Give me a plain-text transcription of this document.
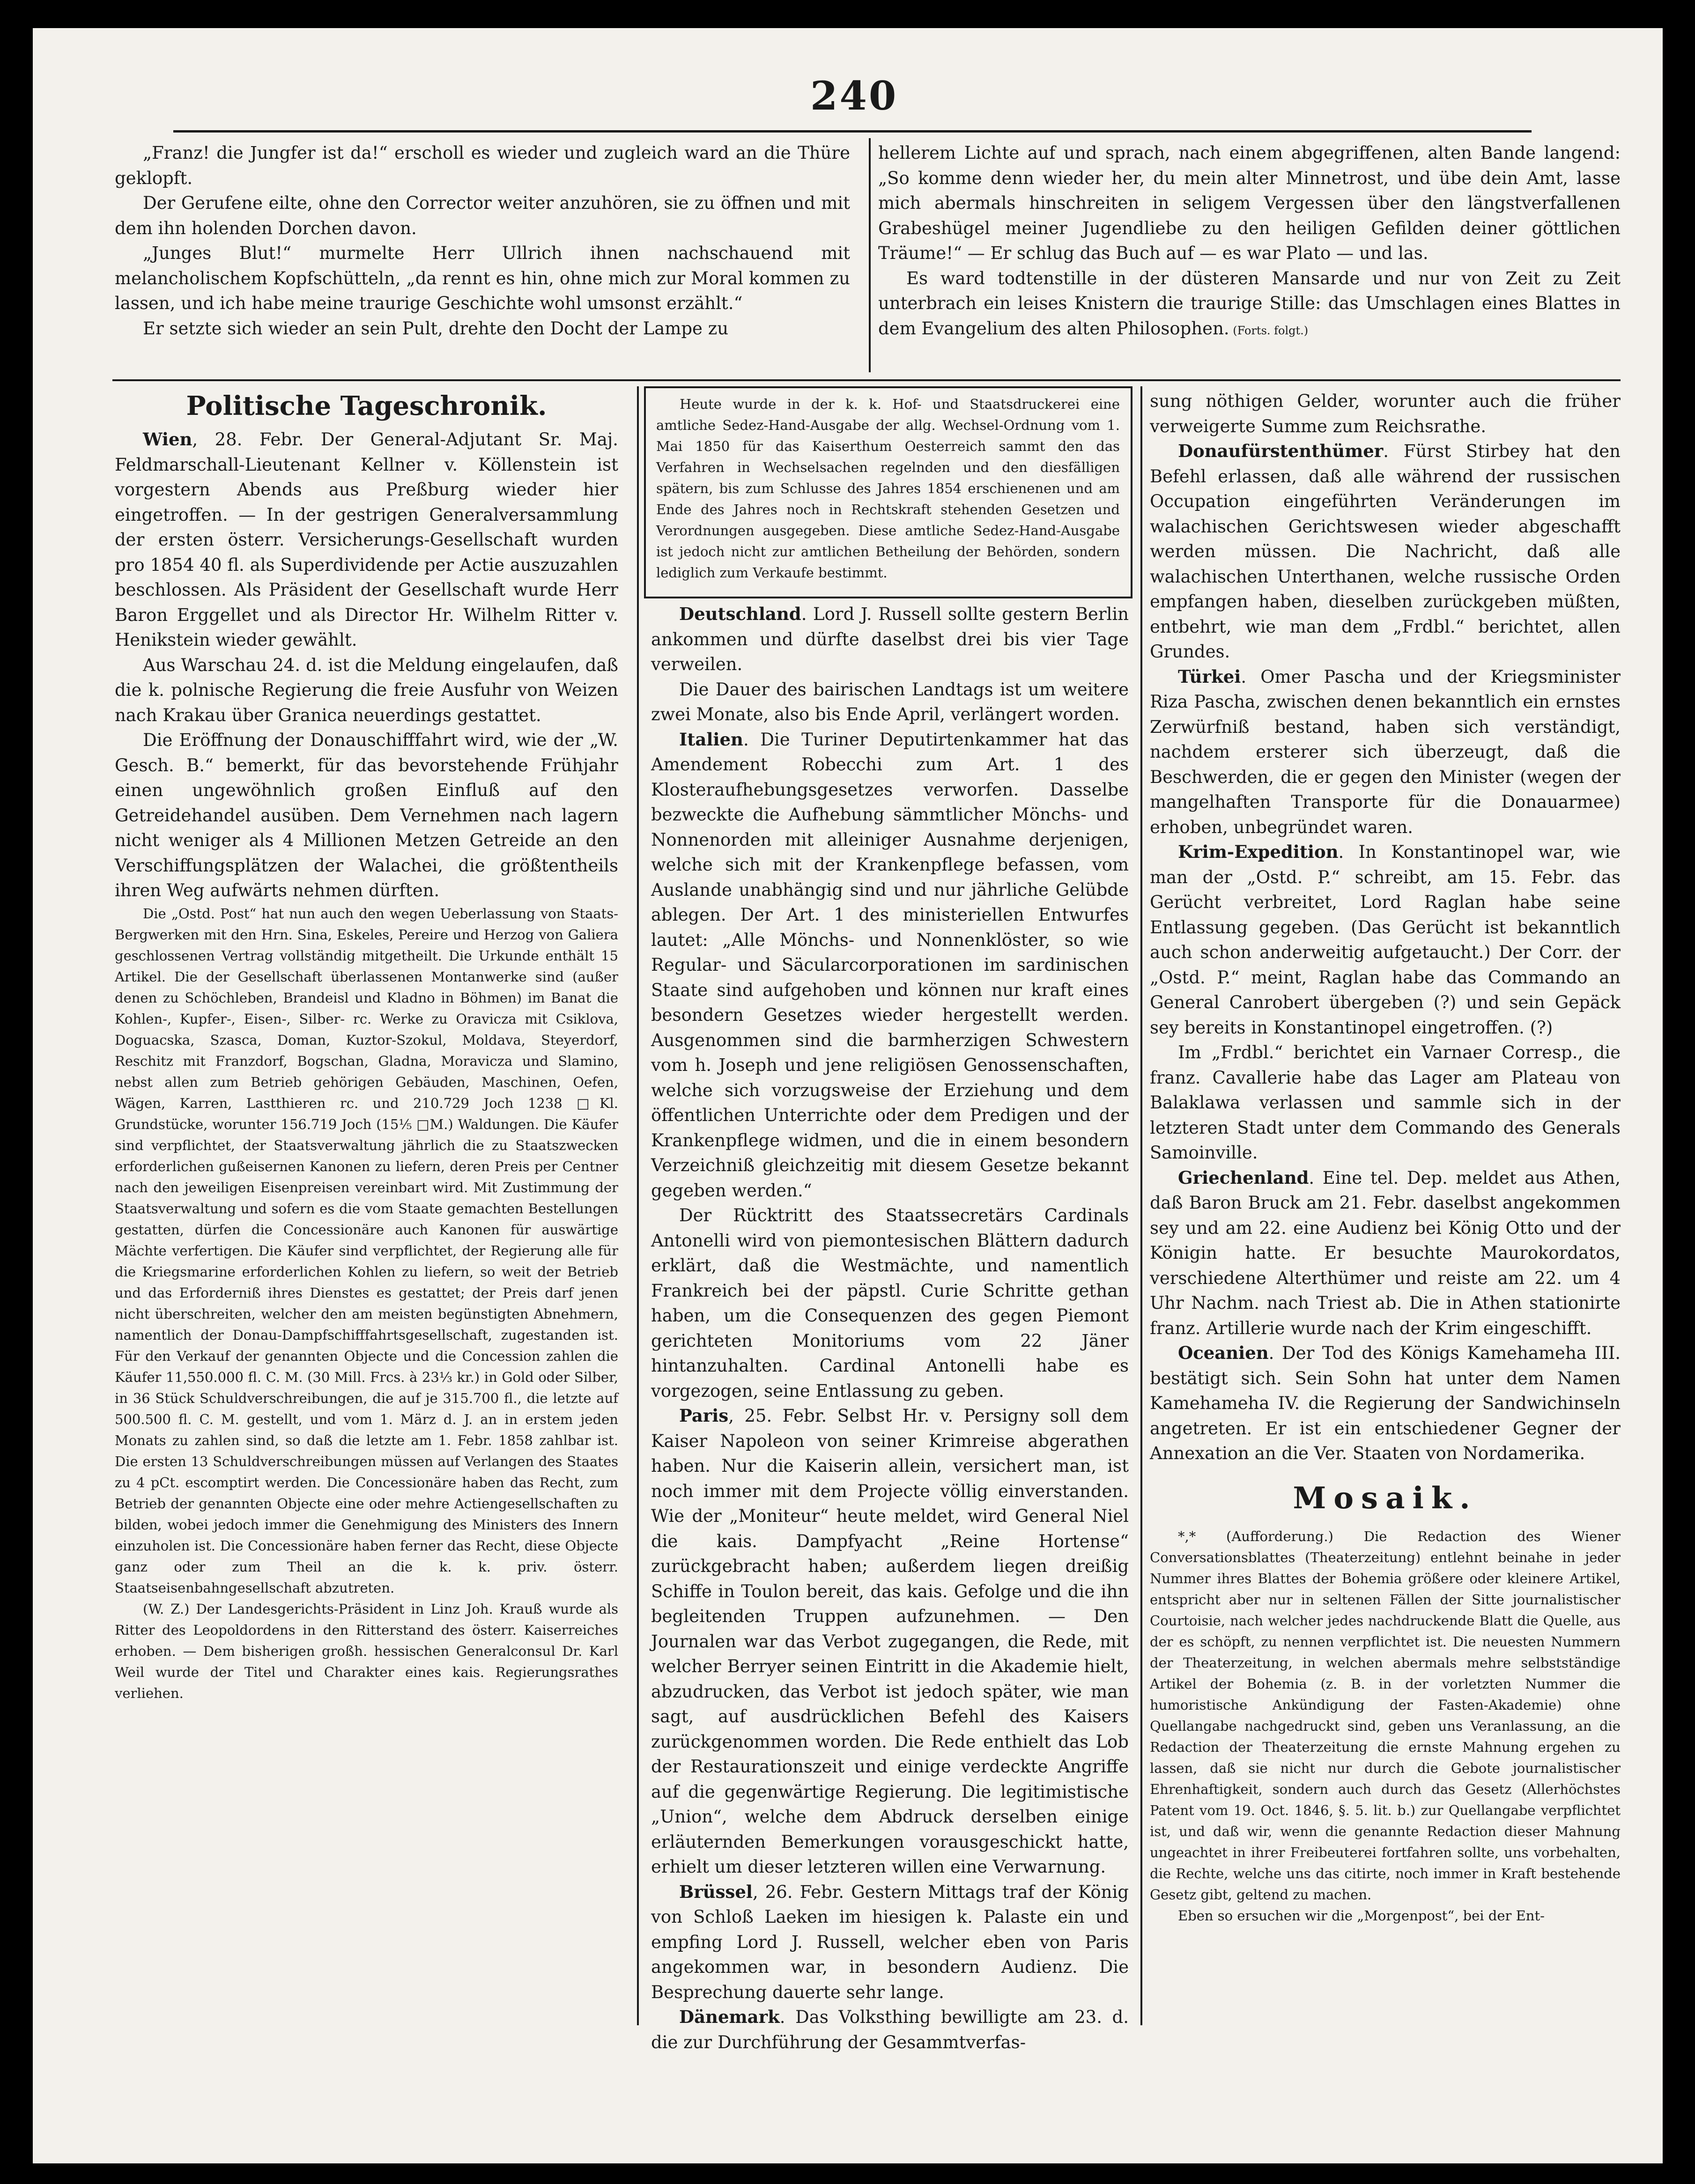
240

„Franz! die Jungfer ist da!“ erscholl es wieder und zugleich ward an die Thüre geklopft.

Der Gerufene eilte, ohne den Corrector weiter anzuhören, sie zu öffnen und mit dem ihn holenden Dorchen davon.

„Junges Blut!“ murmelte Herr Ullrich ihnen nachschauend mit melancholischem Kopfschütteln, „da rennt es hin, ohne mich zur Moral kommen zu lassen, und ich habe meine traurige Geschichte wohl umsonst erzählt.“

Er setzte sich wieder an sein Pult, drehte den Docht der Lampe zu

hellerem Lichte auf und sprach, nach einem abgegriffenen, alten Bande langend: „So komme denn wieder her, du mein alter Minnetrost, und übe dein Amt, lasse mich abermals hinschreiten in seligem Vergessen über den längstverfallenen Grabeshügel meiner Jugendliebe zu den heiligen Gefilden deiner göttlichen Träume!“ — Er schlug das Buch auf — es war Plato — und las.

Es ward todtenstille in der düsteren Mansarde und nur von Zeit zu Zeit unterbrach ein leises Knistern die traurige Stille: das Umschlagen eines Blattes in dem Evangelium des alten Philosophen. (Forts. folgt.)

Politische Tageschronik.

Wien, 28. Febr. Der General-Adjutant Sr. Maj. Feldmarschall-Lieutenant Kellner v. Köllenstein ist vorgestern Abends aus Preßburg wieder hier eingetroffen. — In der gestrigen Generalversammlung der ersten österr. Versicherungs-Gesellschaft wurden pro 1854 40 fl. als Superdividende per Actie auszuzahlen beschlossen. Als Präsident der Gesellschaft wurde Herr Baron Erggellet und als Director Hr. Wilhelm Ritter v. Henikstein wieder gewählt.

Aus Warschau 24. d. ist die Meldung eingelaufen, daß die k. polnische Regierung die freie Ausfuhr von Weizen nach Krakau über Granica neuerdings gestattet.

Die Eröffnung der Donauschifffahrt wird, wie der „W. Gesch. B.“ bemerkt, für das bevorstehende Frühjahr einen ungewöhnlich großen Einfluß auf den Getreidehandel ausüben. Dem Vernehmen nach lagern nicht weniger als 4 Millionen Metzen Getreide an den Verschiffungsplätzen der Walachei, die größtentheils ihren Weg aufwärts nehmen dürften.

Die „Ostd. Post“ hat nun auch den wegen Ueberlassung von Staats-Bergwerken mit den Hrn. Sina, Eskeles, Pereire und Herzog von Galiera geschlossenen Vertrag vollständig mitgetheilt. Die Urkunde enthält 15 Artikel. Die der Gesellschaft überlassenen Montanwerke sind (außer denen zu Schöchleben, Brandeisl und Kladno in Böhmen) im Banat die Kohlen-, Kupfer-, Eisen-, Silber- rc. Werke zu Oravicza mit Csiklova, Doguacska, Szasca, Doman, Kuztor-Szokul, Moldava, Steyerdorf, Reschitz mit Franzdorf, Bogschan, Gladna, Moravicza und Slamino, nebst allen zum Betrieb gehörigen Gebäuden, Maschinen, Oefen, Wägen, Karren, Lastthieren rc. und 210.729 Joch 1238 □Kl. Grundstücke, worunter 156.719 Joch (15⅕ □M.) Waldungen. Die Käufer sind verpflichtet, der Staatsverwaltung jährlich die zu Staatszwecken erforderlichen gußeisernen Kanonen zu liefern, deren Preis per Centner nach den jeweiligen Eisenpreisen vereinbart wird. Mit Zustimmung der Staatsverwaltung und sofern es die vom Staate gemachten Bestellungen gestatten, dürfen die Concessionäre auch Kanonen für auswärtige Mächte verfertigen. Die Käufer sind verpflichtet, der Regierung alle für die Kriegsmarine erforderlichen Kohlen zu liefern, so weit der Betrieb und das Erforderniß ihres Dienstes es gestattet; der Preis darf jenen nicht überschreiten, welcher den am meisten begünstigten Abnehmern, namentlich der Donau-Dampfschifffahrtsgesellschaft, zugestanden ist. Für den Verkauf der genannten Objecte und die Concession zahlen die Käufer 11,550.000 fl. C. M. (30 Mill. Frcs. à 23⅓ kr.) in Gold oder Silber, in 36 Stück Schuldverschreibungen, die auf je 315.700 fl., die letzte auf 500.500 fl. C. M. gestellt, und vom 1. März d. J. an in erstem jeden Monats zu zahlen sind, so daß die letzte am 1. Febr. 1858 zahlbar ist. Die ersten 13 Schuldverschreibungen müssen auf Verlangen des Staates zu 4 pCt. escomptirt werden. Die Concessionäre haben das Recht, zum Betrieb der genannten Objecte eine oder mehre Actiengesellschaften zu bilden, wobei jedoch immer die Genehmigung des Ministers des Innern einzuholen ist. Die Concessionäre haben ferner das Recht, diese Objecte ganz oder zum Theil an die k. k. priv. österr. Staatseisenbahngesellschaft abzutreten.

(W. Z.) Der Landesgerichts-Präsident in Linz Joh. Krauß wurde als Ritter des Leopoldordens in den Ritterstand des österr. Kaiserreiches erhoben. — Dem bisherigen großh. hessischen Generalconsul Dr. Karl Weil wurde der Titel und Charakter eines kais. Regierungsrathes verliehen.

Heute wurde in der k. k. Hof- und Staatsdruckerei eine amtliche Sedez-Hand-Ausgabe der allg. Wechsel-Ordnung vom 1. Mai 1850 für das Kaiserthum Oesterreich sammt den das Verfahren in Wechselsachen regelnden und den diesfälligen spätern, bis zum Schlusse des Jahres 1854 erschienenen und am Ende des Jahres noch in Rechtskraft stehenden Gesetzen und Verordnungen ausgegeben. Diese amtliche Sedez-Hand-Ausgabe ist jedoch nicht zur amtlichen Betheilung der Behörden, sondern lediglich zum Verkaufe bestimmt.

Deutschland. Lord J. Russell sollte gestern Berlin ankommen und dürfte daselbst drei bis vier Tage verweilen.

Die Dauer des bairischen Landtags ist um weitere zwei Monate, also bis Ende April, verlängert worden.

Italien. Die Turiner Deputirtenkammer hat das Amendement Robecchi zum Art. 1 des Klosteraufhebungsgesetzes verworfen. Dasselbe bezweckte die Aufhebung sämmtlicher Mönchs- und Nonnenorden mit alleiniger Ausnahme derjenigen, welche sich mit der Krankenpflege befassen, vom Auslande unabhängig sind und nur jährliche Gelübde ablegen. Der Art. 1 des ministeriellen Entwurfes lautet: „Alle Mönchs- und Nonnenklöster, so wie Regular- und Säcularcorporationen im sardinischen Staate sind aufgehoben und können nur kraft eines besondern Gesetzes wieder hergestellt werden. Ausgenommen sind die barmherzigen Schwestern vom h. Joseph und jene religiösen Genossenschaften, welche sich vorzugsweise der Erziehung und dem öffentlichen Unterrichte oder dem Predigen und der Krankenpflege widmen, und die in einem besondern Verzeichniß gleichzeitig mit diesem Gesetze bekannt gegeben werden.“

Der Rücktritt des Staatssecretärs Cardinals Antonelli wird von piemontesischen Blättern dadurch erklärt, daß die Westmächte, und namentlich Frankreich bei der päpstl. Curie Schritte gethan haben, um die Consequenzen des gegen Piemont gerichteten Monitoriums vom 22 Jäner hintanzuhalten. Cardinal Antonelli habe es vorgezogen, seine Entlassung zu geben.

Paris, 25. Febr. Selbst Hr. v. Persigny soll dem Kaiser Napoleon von seiner Krimreise abgerathen haben. Nur die Kaiserin allein, versichert man, ist noch immer mit dem Projecte völlig einverstanden. Wie der „Moniteur“ heute meldet, wird General Niel die kais. Dampfyacht „Reine Hortense“ zurückgebracht haben; außerdem liegen dreißig Schiffe in Toulon bereit, das kais. Gefolge und die ihn begleitenden Truppen aufzunehmen. — Den Journalen war das Verbot zugegangen, die Rede, mit welcher Berryer seinen Eintritt in die Akademie hielt, abzudrucken, das Verbot ist jedoch später, wie man sagt, auf ausdrücklichen Befehl des Kaisers zurückgenommen worden. Die Rede enthielt das Lob der Restaurationszeit und einige verdeckte Angriffe auf die gegenwärtige Regierung. Die legitimistische „Union“, welche dem Abdruck derselben einige erläuternden Bemerkungen vorausgeschickt hatte, erhielt um dieser letzteren willen eine Verwarnung.

Brüssel, 26. Febr. Gestern Mittags traf der König von Schloß Laeken im hiesigen k. Palaste ein und empfing Lord J. Russell, welcher eben von Paris angekommen war, in besondern Audienz. Die Besprechung dauerte sehr lange.

Dänemark. Das Volksthing bewilligte am 23. d. die zur Durchführung der Gesammtverfas-

sung nöthigen Gelder, worunter auch die früher verweigerte Summe zum Reichsrathe.

Donaufürstenthümer. Fürst Stirbey hat den Befehl erlassen, daß alle während der russischen Occupation eingeführten Veränderungen im walachischen Gerichtswesen wieder abgeschafft werden müssen. Die Nachricht, daß alle walachischen Unterthanen, welche russische Orden empfangen haben, dieselben zurückgeben müßten, entbehrt, wie man dem „Frdbl.“ berichtet, allen Grundes.

Türkei. Omer Pascha und der Kriegsminister Riza Pascha, zwischen denen bekanntlich ein ernstes Zerwürfniß bestand, haben sich verständigt, nachdem ersterer sich überzeugt, daß die Beschwerden, die er gegen den Minister (wegen der mangelhaften Transporte für die Donauarmee) erhoben, unbegründet waren.

Krim-Expedition. In Konstantinopel war, wie man der „Ostd. P.“ schreibt, am 15. Febr. das Gerücht verbreitet, Lord Raglan habe seine Entlassung gegeben. (Das Gerücht ist bekanntlich auch schon anderweitig aufgetaucht.) Der Corr. der „Ostd. P.“ meint, Raglan habe das Commando an General Canrobert übergeben (?) und sein Gepäck sey bereits in Konstantinopel eingetroffen. (?)

Im „Frdbl.“ berichtet ein Varnaer Corresp., die franz. Cavallerie habe das Lager am Plateau von Balaklawa verlassen und sammle sich in der letzteren Stadt unter dem Commando des Generals Samoinville.

Griechenland. Eine tel. Dep. meldet aus Athen, daß Baron Bruck am 21. Febr. daselbst angekommen sey und am 22. eine Audienz bei König Otto und der Königin hatte. Er besuchte Maurokordatos, verschiedene Alterthümer und reiste am 22. um 4 Uhr Nachm. nach Triest ab. Die in Athen stationirte franz. Artillerie wurde nach der Krim eingeschifft.

Oceanien. Der Tod des Königs Kamehameha III. bestätigt sich. Sein Sohn hat unter dem Namen Kamehameha IV. die Regierung der Sandwichinseln angetreten. Er ist ein entschiedener Gegner der Annexation an die Ver. Staaten von Nordamerika.

Mosaik.

*,* (Aufforderung.) Die Redaction des Wiener Conversationsblattes (Theaterzeitung) entlehnt beinahe in jeder Nummer ihres Blattes der Bohemia größere oder kleinere Artikel, entspricht aber nur in seltenen Fällen der Sitte journalistischer Courtoisie, nach welcher jedes nachdruckende Blatt die Quelle, aus der es schöpft, zu nennen verpflichtet ist. Die neuesten Nummern der Theaterzeitung, in welchen abermals mehre selbstständige Artikel der Bohemia (z. B. in der vorletzten Nummer die humoristische Ankündigung der Fasten-Akademie) ohne Quellangabe nachgedruckt sind, geben uns Veranlassung, an die Redaction der Theaterzeitung die ernste Mahnung ergehen zu lassen, daß sie nicht nur durch die Gebote journalistischer Ehrenhaftigkeit, sondern auch durch das Gesetz (Allerhöchstes Patent vom 19. Oct. 1846, §. 5. lit. b.) zur Quellangabe verpflichtet ist, und daß wir, wenn die genannte Redaction dieser Mahnung ungeachtet in ihrer Freibeuterei fortfahren sollte, uns vorbehalten, die Rechte, welche uns das citirte, noch immer in Kraft bestehende Gesetz gibt, geltend zu machen.

Eben so ersuchen wir die „Morgenpost“, bei der Ent-
